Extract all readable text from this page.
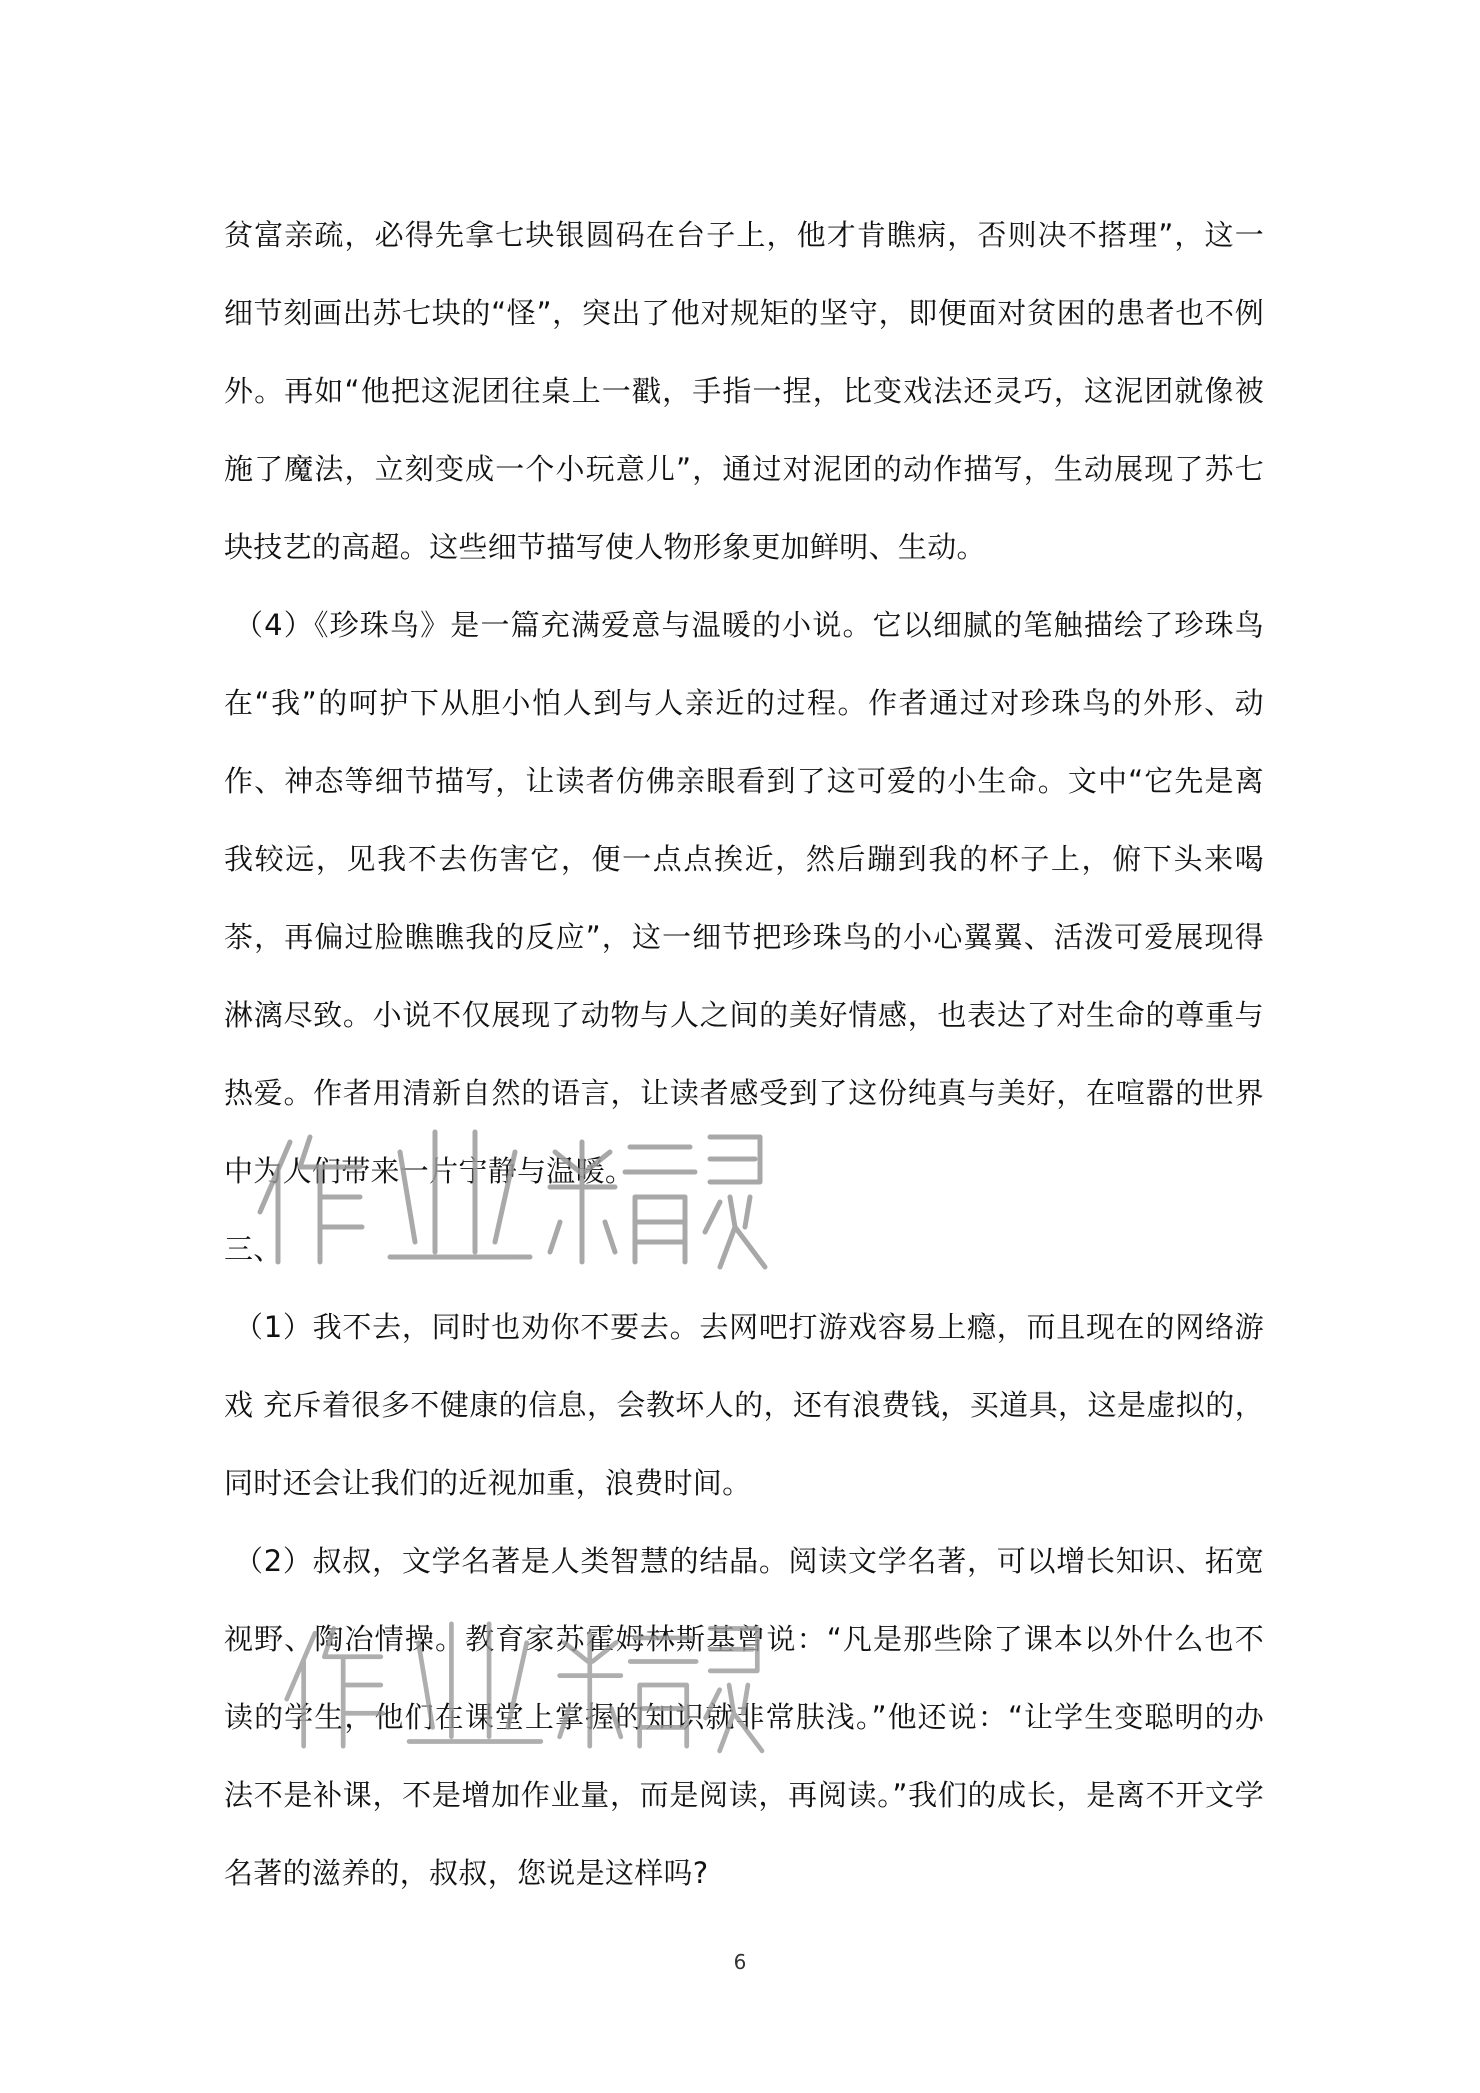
贫富亲疏，必得先拿七块银圆码在台子上，他才肯瞧病，否则决不搭理”，这一细节刻画出苏七块的“怪”，突出了他对规矩的坚守，即便面对贫困的患者也不例外。再如“他把这泥团往桌上一戳，手指一捏，比变戏法还灵巧，这泥团就像被施了魔法，立刻变成一个小玩意儿”，通过对泥团的动作描写，生动展现了苏七块技艺的高超。这些细节描写使人物形象更加鲜明、生动。

（4）《珍珠鸟》是一篇充满爱意与温暖的小说。它以细腻的笔触描绘了珍珠鸟在“我”的呵护下从胆小怕人到与人亲近的过程。作者通过对珍珠鸟的外形、动作、神态等细节描写，让读者仿佛亲眼看到了这可爱的小生命。文中“它先是离我较远，见我不去伤害它，便一点点挨近，然后蹦到我的杯子上，俯下头来喝茶，再偏过脸瞧瞧我的反应”，这一细节把珍珠鸟的小心翼翼、活泼可爱展现得淋漓尽致。小说不仅展现了动物与人之间的美好情感，也表达了对生命的尊重与热爱。作者用清新自然的语言，让读者感受到了这份纯真与美好，在喧嚣的世界中为人们带来一片宁静与温暖。

三、

（1）我不去，同时也劝你不要去。去网吧打游戏容易上瘾，而且现在的网络游戏 充斥着很多不健康的信息，会教坏人的，还有浪费钱，买道具，这是虚拟的，同时还会让我们的近视加重，浪费时间。

（2）叔叔，文学名著是人类智慧的结晶。阅读文学名著，可以增长知识、拓宽视野、陶冶情操。教育家苏霍姆林斯基曾说：“凡是那些除了课本以外什么也不读的学生，他们在课堂上掌握的知识就非常肤浅。”他还说：“让学生变聪明的办法不是补课，不是增加作业量，而是阅读，再阅读。”我们的成长，是离不开文学名著的滋养的，叔叔，您说是这样吗?

6
